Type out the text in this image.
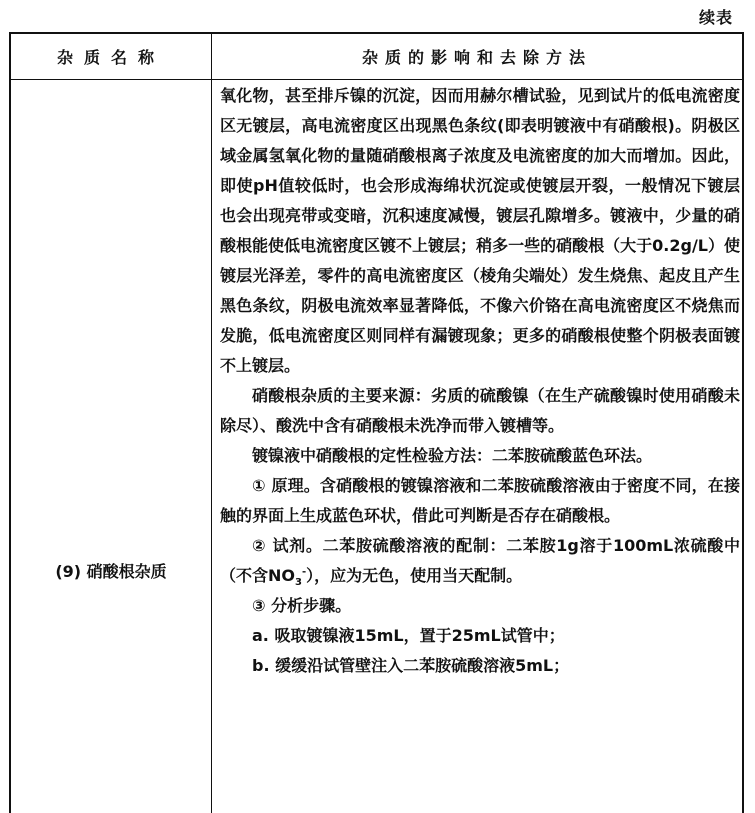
续表
杂质名称	杂质的影响和去除方法
(9) 硝酸根杂质

氧化物，甚至排斥镍的沉淀，因而用赫尔槽试验，见到试片的低电流密度区无镀层，高电流密度区出现黑色条纹(即表明镀液中有硝酸根)。阴极区域金属氢氧化物的量随硝酸根离子浓度及电流密度的加大而增加。因此，即使pH值较低时，也会形成海绵状沉淀或使镀层开裂，一般情况下镀层也会出现亮带或变暗，沉积速度减慢，镀层孔隙增多。镀液中，少量的硝酸根能使低电流密度区镀不上镀层；稍多一些的硝酸根（大于0.2g/L）使镀层光泽差，零件的高电流密度区（棱角尖端处）发生烧焦、起皮且产生黑色条纹，阴极电流效率显著降低，不像六价铬在高电流密度区不烧焦而发脆，低电流密度区则同样有漏镀现象；更多的硝酸根使整个阴极表面镀不上镀层。

硝酸根杂质的主要来源：劣质的硫酸镍（在生产硫酸镍时使用硝酸未除尽）、酸洗中含有硝酸根未洗净而带入镀槽等。

镀镍液中硝酸根的定性检验方法：二苯胺硫酸蓝色环法。

① 原理。含硝酸根的镀镍溶液和二苯胺硫酸溶液由于密度不同，在接触的界面上生成蓝色环状，借此可判断是否存在硝酸根。

② 试剂。二苯胺硫酸溶液的配制：二苯胺1g溶于100mL浓硫酸中（不含$NO_3^-$），应为无色，使用当天配制。

③ 分析步骤。

a. 吸取镀镍液15mL，置于25mL试管中；

b. 缓缓沿试管壁注入二苯胺硫酸溶液5mL；
